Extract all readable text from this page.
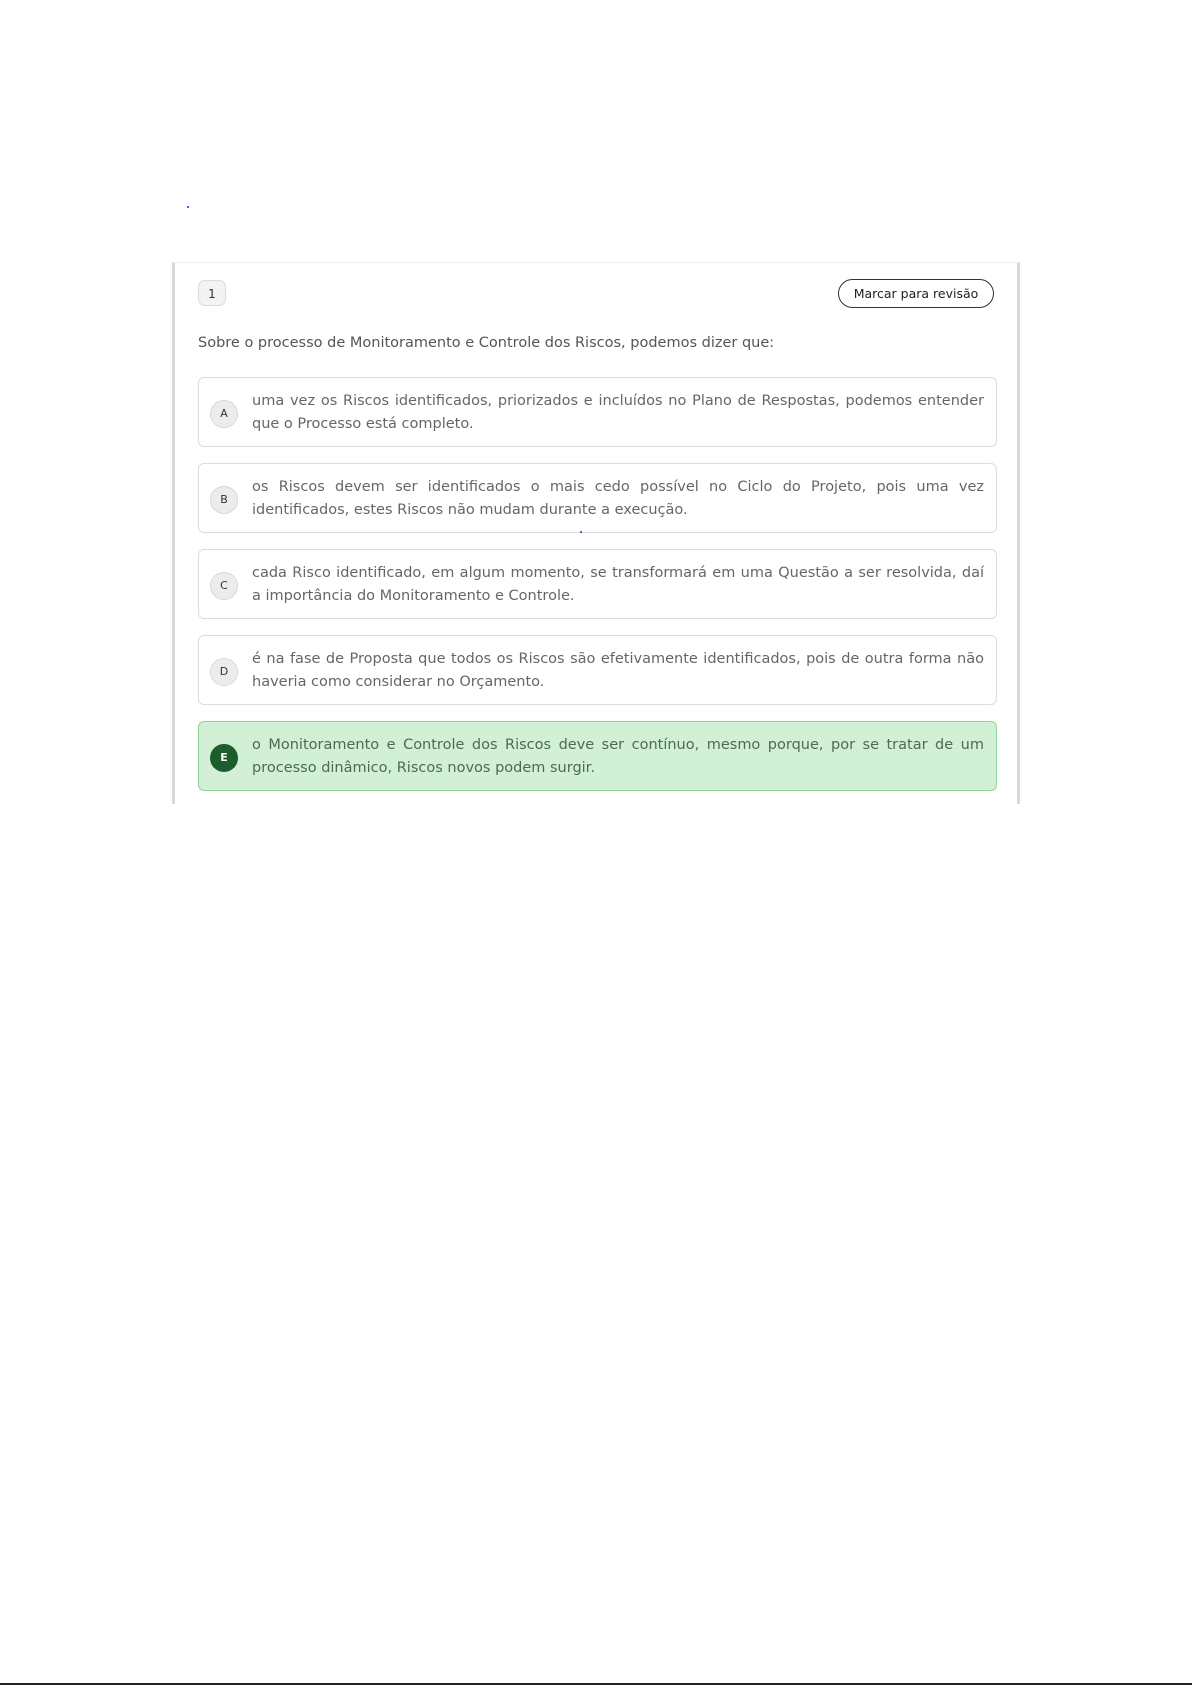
1	Marcar para revisão
Sobre o processo de Monitoramento e Controle dos Riscos, podemos dizer que:
A
uma vez os Riscos identificados, priorizados e incluídos no Plano de Respostas, podemos entender que o Processo está completo.
B
os Riscos devem ser identificados o mais cedo possível no Ciclo do Projeto, pois uma vez identificados, estes Riscos não mudam durante a execução.
C
cada Risco identificado, em algum momento, se transformará em uma Questão a ser resolvida, daí a importância do Monitoramento e Controle.
D
é na fase de Proposta que todos os Riscos são efetivamente identificados, pois de outra forma não haveria como considerar no Orçamento.
E
o Monitoramento e Controle dos Riscos deve ser contínuo, mesmo porque, por se tratar de um processo dinâmico, Riscos novos podem surgir.
